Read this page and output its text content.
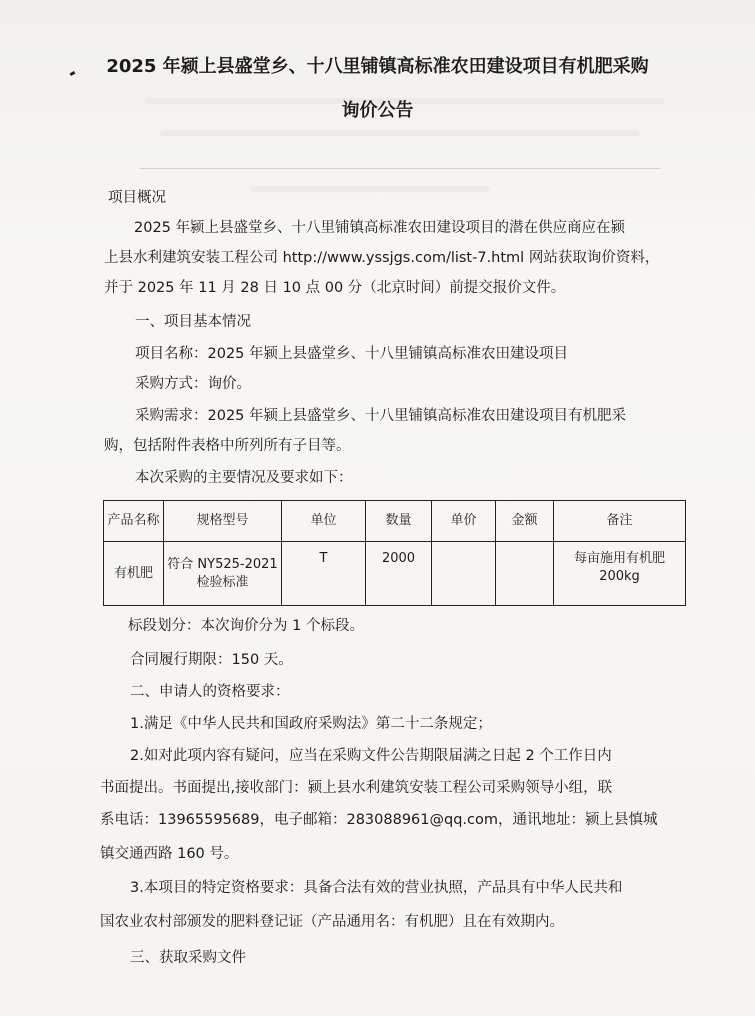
2025 年颍上县盛堂乡、十八里铺镇高标准农田建设项目有机肥采购
询价公告
项目概况
2025 年颍上县盛堂乡、十八里铺镇高标准农田建设项目的潜在供应商应在颍
上县水利建筑安装工程公司 http://www.yssjgs.com/list-7.html 网站获取询价资料，
并于 2025 年 11 月 28 日 10 点 00 分（北京时间）前提交报价文件。
一、项目基本情况
项目名称：2025 年颍上县盛堂乡、十八里铺镇高标准农田建设项目
采购方式：询价。
采购需求：2025 年颍上县盛堂乡、十八里铺镇高标准农田建设项目有机肥采
购，包括附件表格中所列所有子目等。
本次采购的主要情况及要求如下：
产品名称	规格型号	单位	数量	单价	金额	备注
有机肥	符合 NY525-2021 检验标准	T	2000			每亩施用有机肥 200kg
标段划分：本次询价分为 1 个标段。
合同履行期限：150 天。
二、申请人的资格要求：
1.满足《中华人民共和国政府采购法》第二十二条规定；
2.如对此项内容有疑问，应当在采购文件公告期限届满之日起 2 个工作日内
书面提出。书面提出,接收部门：颍上县水利建筑安装工程公司采购领导小组，联
系电话：13965595689，电子邮箱：283088961@qq.com，通讯地址：颍上县慎城
镇交通西路 160 号。
3.本项目的特定资格要求：具备合法有效的营业执照，产品具有中华人民共和
国农业农村部颁发的肥料登记证（产品通用名：有机肥）且在有效期内。
三、获取采购文件
